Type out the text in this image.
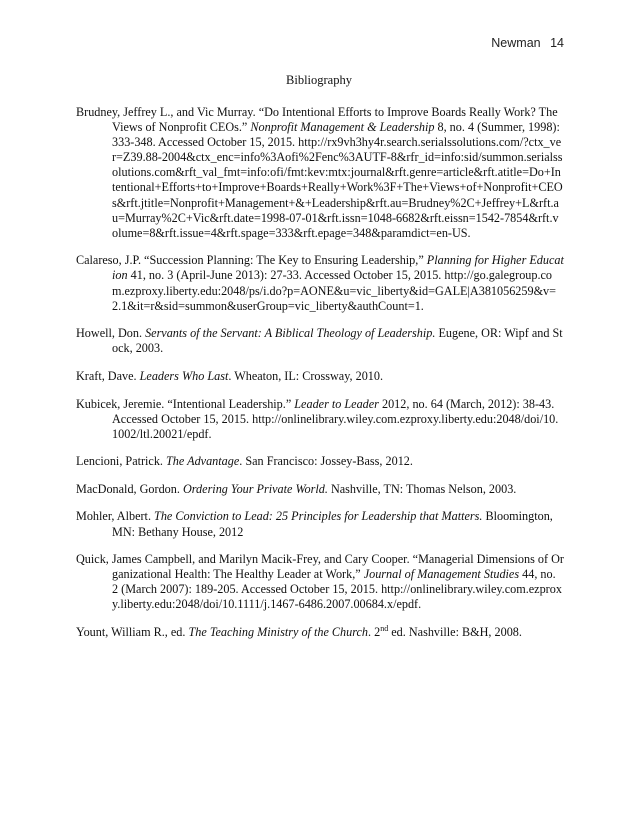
Newman 14
Bibliography

Brudney, Jeffrey L., and Vic Murray. “Do Intentional Efforts to Improve Boards Really Work? The Views of Nonprofit CEOs.” Nonprofit Management & Leadership 8, no. 4 (Summer, 1998): 333-348. Accessed October 15, 2015. http://rx9vh3hy4r.search.serialssolutions.com/?ctx_ver=Z39.88-2004&ctx_enc=info%3Aofi%2Fenc%3AUTF-8&rfr_id=info:sid/summon.serialssolutions.com&rft_val_fmt=info:ofi/fmt:kev:mtx:journal&rft.genre=article&rft.atitle=Do+Intentional+Efforts+to+Improve+Boards+Really+Work%3F+The+Views+of+Nonprofit+CEOs&rft.jtitle=Nonprofit+Management+&+Leadership&rft.au=Brudney%2C+Jeffrey+L&rft.au=Murray%2C+Vic&rft.date=1998-07-01&rft.issn=1048-6682&rft.eissn=1542-7854&rft.volume=8&rft.issue=4&rft.spage=333&rft.epage=348&paramdict=en-US.

Calareso, J.P. “Succession Planning: The Key to Ensuring Leadership,” Planning for Higher Education 41, no. 3 (April-June 2013): 27-33. Accessed October 15, 2015. http://go.galegroup.com.ezproxy.liberty.edu:2048/ps/i.do?p=AONE&u=vic_liberty&id=GALE|A381056259&v=2.1&it=r&sid=summon&userGroup=vic_liberty&authCount=1.

Howell, Don. Servants of the Servant: A Biblical Theology of Leadership. Eugene, OR: Wipf and Stock, 2003.

Kraft, Dave. Leaders Who Last. Wheaton, IL: Crossway, 2010.

Kubicek, Jeremie. “Intentional Leadership.” Leader to Leader 2012, no. 64 (March, 2012): 38-43. Accessed October 15, 2015. http://onlinelibrary.wiley.com.ezproxy.liberty.edu:2048/doi/10.1002/ltl.20021/epdf.

Lencioni, Patrick. The Advantage. San Francisco: Jossey-Bass, 2012.

MacDonald, Gordon. Ordering Your Private World. Nashville, TN: Thomas Nelson, 2003.

Mohler, Albert. The Conviction to Lead: 25 Principles for Leadership that Matters. Bloomington, MN: Bethany House, 2012

Quick, James Campbell, and Marilyn Macik-Frey, and Cary Cooper. “Managerial Dimensions of Organizational Health: The Healthy Leader at Work,” Journal of Management Studies 44, no. 2 (March 2007): 189-205. Accessed October 15, 2015. http://onlinelibrary.wiley.com.ezproxy.liberty.edu:2048/doi/10.1111/j.1467-6486.2007.00684.x/epdf.

Yount, William R., ed. The Teaching Ministry of the Church. 2nd ed. Nashville: B&H, 2008.
